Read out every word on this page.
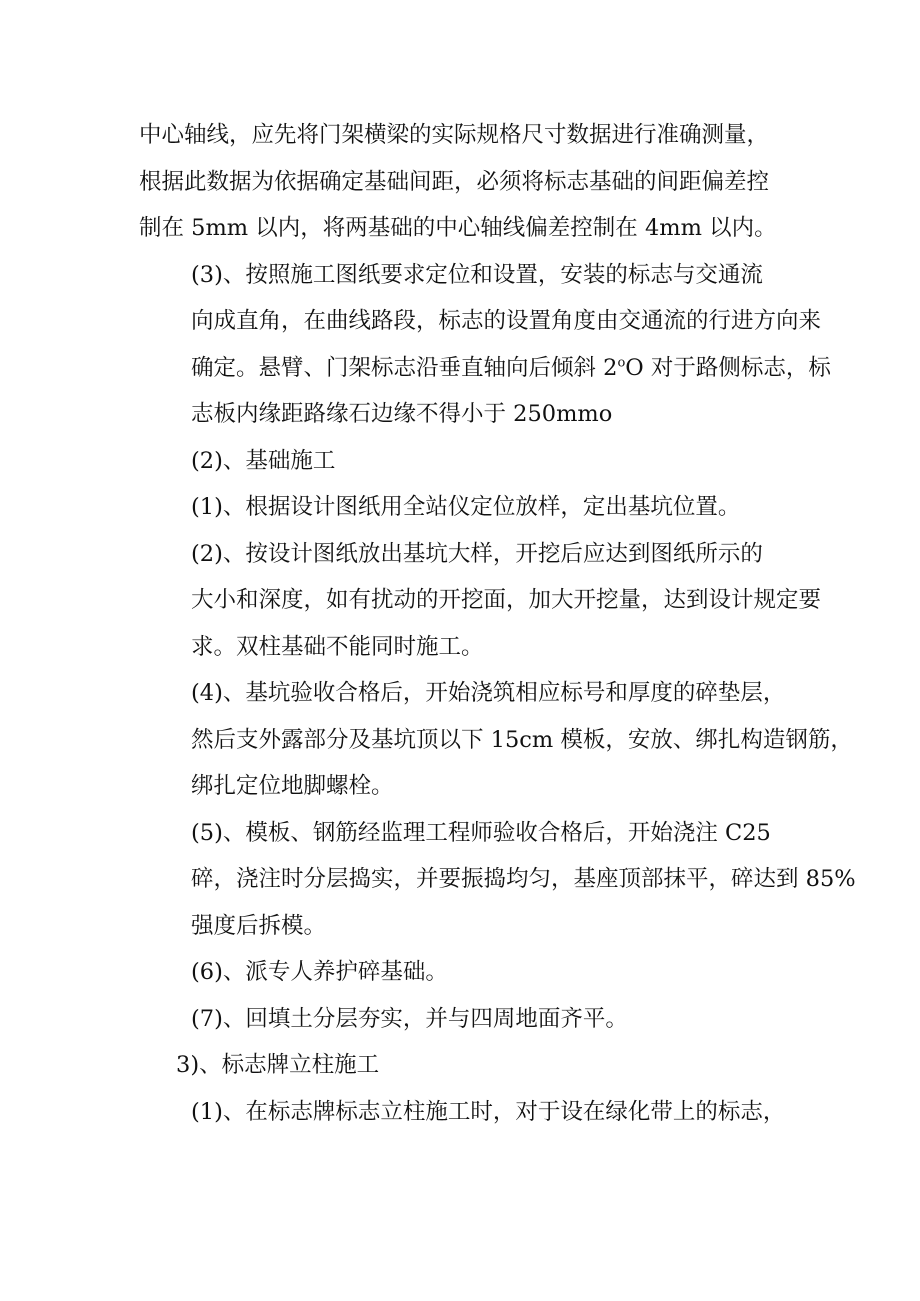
中心轴线，应先将门架横梁的实际规格尺寸数据进行准确测量，
根据此数据为依据确定基础间距，必须将标志基础的间距偏差控
制在 5mm 以内，将两基础的中心轴线偏差控制在 4mm 以内。

(3)、按照施工图纸要求定位和设置，安装的标志与交通流
向成直角，在曲线路段，标志的设置角度由交通流的行进方向来
确定。悬臂、门架标志沿垂直轴向后倾斜 2$^o$O 对于路侧标志，标
志板内缘距路缘石边缘不得小于 250mmo

(2)、基础施工

(1)、根据设计图纸用全站仪定位放样，定出基坑位置。

(2)、按设计图纸放出基坑大样，开挖后应达到图纸所示的
大小和深度，如有扰动的开挖面，加大开挖量，达到设计规定要
求。双柱基础不能同时施工。

(4)、基坑验收合格后，开始浇筑相应标号和厚度的碎垫层，
然后支外露部分及基坑顶以下 15cm 模板，安放、绑扎构造钢筋，
绑扎定位地脚螺栓。

(5)、模板、钢筋经监理工程师验收合格后，开始浇注 C25
碎，浇注时分层捣实，并要振捣均匀，基座顶部抹平，碎达到 85%
强度后拆模。

(6)、派专人养护碎基础。

(7)、回填土分层夯实，并与四周地面齐平。

3)、标志牌立柱施工

(1)、在标志牌标志立柱施工时，对于设在绿化带上的标志，
